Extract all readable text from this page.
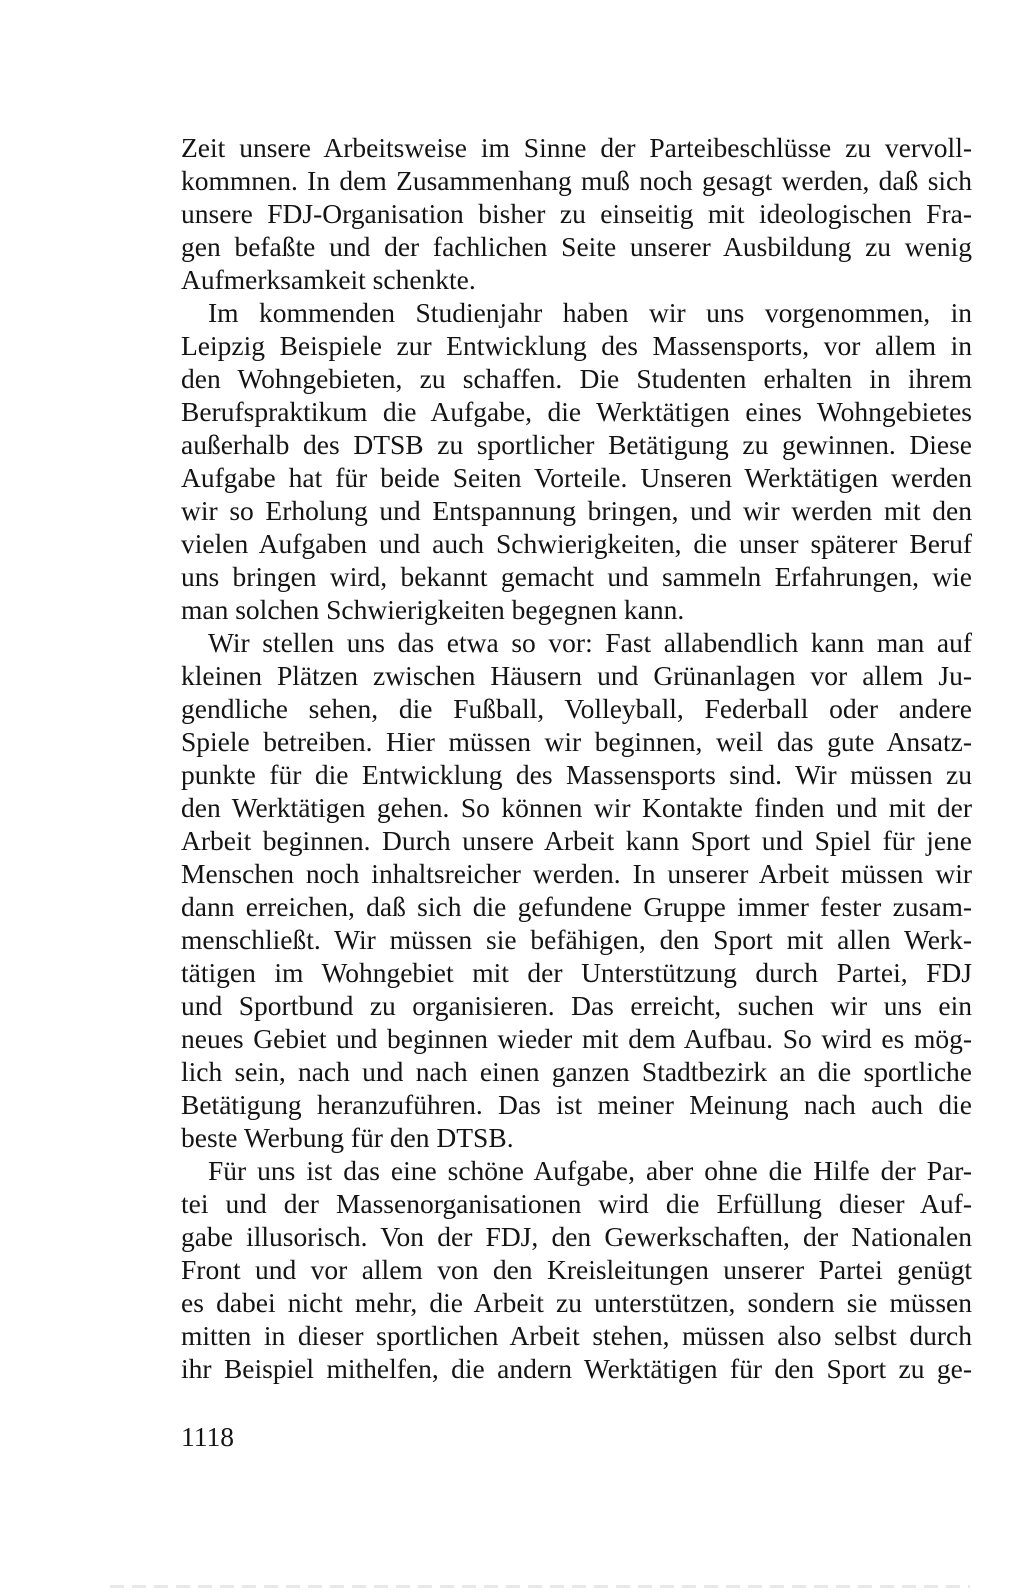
Zeit unsere Arbeitsweise im Sinne der Parteibeschlüsse zu vervoll-
kommnen. In dem Zusammenhang muß noch gesagt werden, daß sich
unsere FDJ-Organisation bisher zu einseitig mit ideologischen Fra-
gen befaßte und der fachlichen Seite unserer Ausbildung zu wenig
Aufmerksamkeit schenkte.
Im kommenden Studienjahr haben wir uns vorgenommen, in
Leipzig Beispiele zur Entwicklung des Massensports, vor allem in
den Wohngebieten, zu schaffen. Die Studenten erhalten in ihrem
Berufspraktikum die Aufgabe, die Werktätigen eines Wohngebietes
außerhalb des DTSB zu sportlicher Betätigung zu gewinnen. Diese
Aufgabe hat für beide Seiten Vorteile. Unseren Werktätigen werden
wir so Erholung und Entspannung bringen, und wir werden mit den
vielen Aufgaben und auch Schwierigkeiten, die unser späterer Beruf
uns bringen wird, bekannt gemacht und sammeln Erfahrungen, wie
man solchen Schwierigkeiten begegnen kann.
Wir stellen uns das etwa so vor: Fast allabendlich kann man auf
kleinen Plätzen zwischen Häusern und Grünanlagen vor allem Ju-
gendliche sehen, die Fußball, Volleyball, Federball oder andere
Spiele betreiben. Hier müssen wir beginnen, weil das gute Ansatz-
punkte für die Entwicklung des Massensports sind. Wir müssen zu
den Werktätigen gehen. So können wir Kontakte finden und mit der
Arbeit beginnen. Durch unsere Arbeit kann Sport und Spiel für jene
Menschen noch inhaltsreicher werden. In unserer Arbeit müssen wir
dann erreichen, daß sich die gefundene Gruppe immer fester zusam-
menschließt. Wir müssen sie befähigen, den Sport mit allen Werk-
tätigen im Wohngebiet mit der Unterstützung durch Partei, FDJ
und Sportbund zu organisieren. Das erreicht, suchen wir uns ein
neues Gebiet und beginnen wieder mit dem Aufbau. So wird es mög-
lich sein, nach und nach einen ganzen Stadtbezirk an die sportliche
Betätigung heranzuführen. Das ist meiner Meinung nach auch die
beste Werbung für den DTSB.
Für uns ist das eine schöne Aufgabe, aber ohne die Hilfe der Par-
tei und der Massenorganisationen wird die Erfüllung dieser Auf-
gabe illusorisch. Von der FDJ, den Gewerkschaften, der Nationalen
Front und vor allem von den Kreisleitungen unserer Partei genügt
es dabei nicht mehr, die Arbeit zu unterstützen, sondern sie müssen
mitten in dieser sportlichen Arbeit stehen, müssen also selbst durch
ihr Beispiel mithelfen, die andern Werktätigen für den Sport zu ge-
1118
